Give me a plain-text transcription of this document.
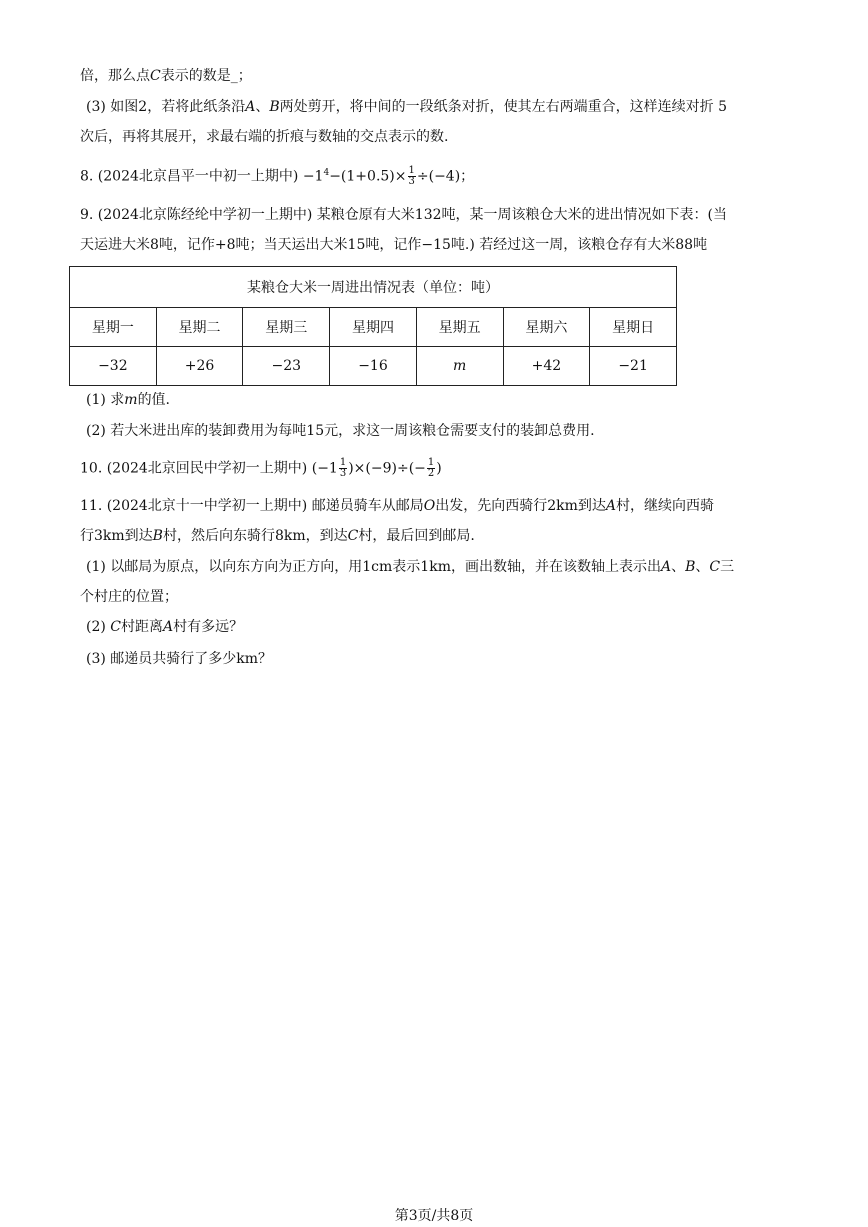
倍，那么点C表示的数是_；
(3) 如图2，若将此纸条沿A、B两处剪开，将中间的一段纸条对折，使其左右两端重合，这样连续对折 5
次后，再将其展开，求最右端的折痕与数轴的交点表示的数.
8. (2024北京昌平一中初一上期中) $-1^4-(1+0.5)\times \frac{1}{3} \div(-4)$；
9. (2024北京陈经纶中学初一上期中) 某粮仓原有大米132吨，某一周该粮仓大米的进出情况如下表：(当
天运进大米8吨，记作+8吨；当天运出大米15吨，记作−15吨.) 若经过这一周，该粮仓存有大米88吨
某粮仓大米一周进出情况表（单位：吨）						
星期一	星期二	星期三	星期四	星期五	星期六	星期日
−32	+26	−23	−16	m	+42	−21
(1) 求m的值.
(2) 若大米进出库的装卸费用为每吨15元，求这一周该粮仓需要支付的装卸总费用.
10. (2024北京回民中学初一上期中) $(-1 \frac{1}{3} )\times(-9)\div(- \frac{1}{2}$ )
11. (2024北京十一中学初一上期中) 邮递员骑车从邮局O出发，先向西骑行2km到达A村，继续向西骑
行3km到达B村，然后向东骑行8km，到达C村，最后回到邮局.
(1) 以邮局为原点，以向东方向为正方向，用1cm表示1km，画出数轴，并在该数轴上表示出A、B、C三
个村庄的位置；
(2) C村距离A村有多远？
(3) 邮递员共骑行了多少km？
第3页/共8页
